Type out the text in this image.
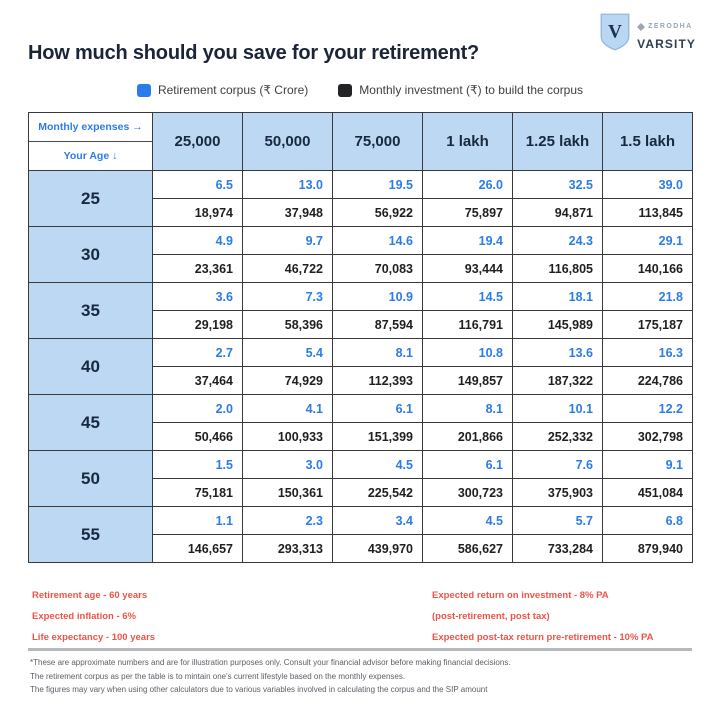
How much should you save for your retirement?
V	ZERODHA
VARSITY
Retirement corpus (₹ Crore)	Monthly investment (₹) to build the corpus
Monthly expenses →
Your Age ↓	25,000	50,000	75,000	1 lakh	1.25 lakh	1.5 lakh
25	6.5	13.0	19.5	26.0	32.5	39.0
	18,974	37,948	56,922	75,897	94,871	113,845
30	4.9	9.7	14.6	19.4	24.3	29.1
	23,361	46,722	70,083	93,444	116,805	140,166
35	3.6	7.3	10.9	14.5	18.1	21.8
	29,198	58,396	87,594	116,791	145,989	175,187
40	2.7	5.4	8.1	10.8	13.6	16.3
	37,464	74,929	112,393	149,857	187,322	224,786
45	2.0	4.1	6.1	8.1	10.1	12.2
	50,466	100,933	151,399	201,866	252,332	302,798
50	1.5	3.0	4.5	6.1	7.6	9.1
	75,181	150,361	225,542	300,723	375,903	451,084
55	1.1	2.3	3.4	4.5	5.7	6.8
	146,657	293,313	439,970	586,627	733,284	879,940
Retirement age - 60 years
Expected inflation - 6%
Life expectancy - 100 years
Expected return on investment - 8% PA
(post-retirement, post tax)
Expected post-tax return pre-retirement - 10% PA
*These are approximate numbers and are for illustration purposes only. Consult your financial advisor before making financial decisions.
The retirement corpus as per the table is to mintain one's current lifestyle based on the monthly expenses.
The figures may vary when using other calculators due to various variables involved in calculating the corpus and the SIP amount
